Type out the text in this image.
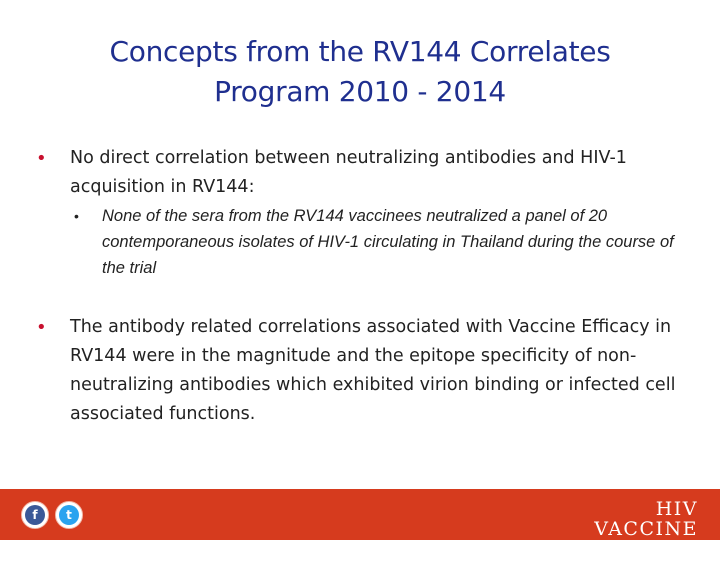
Concepts from the RV144 Correlates
Program 2010 - 2014
• No direct correlation between neutralizing antibodies and HIV-1 acquisition in RV144:
• None of the sera from the RV144 vaccinees neutralized a panel of 20 contemporaneous isolates of HIV-1 circulating in Thailand during the course of the trial
• The antibody related correlations associated with Vaccine Efficacy in RV144 were in the magnitude and the epitope specificity of non-neutralizing antibodies which exhibited virion binding or infected cell associated functions.
f	t	HIV VACCINE
TRIALS NETWORK
